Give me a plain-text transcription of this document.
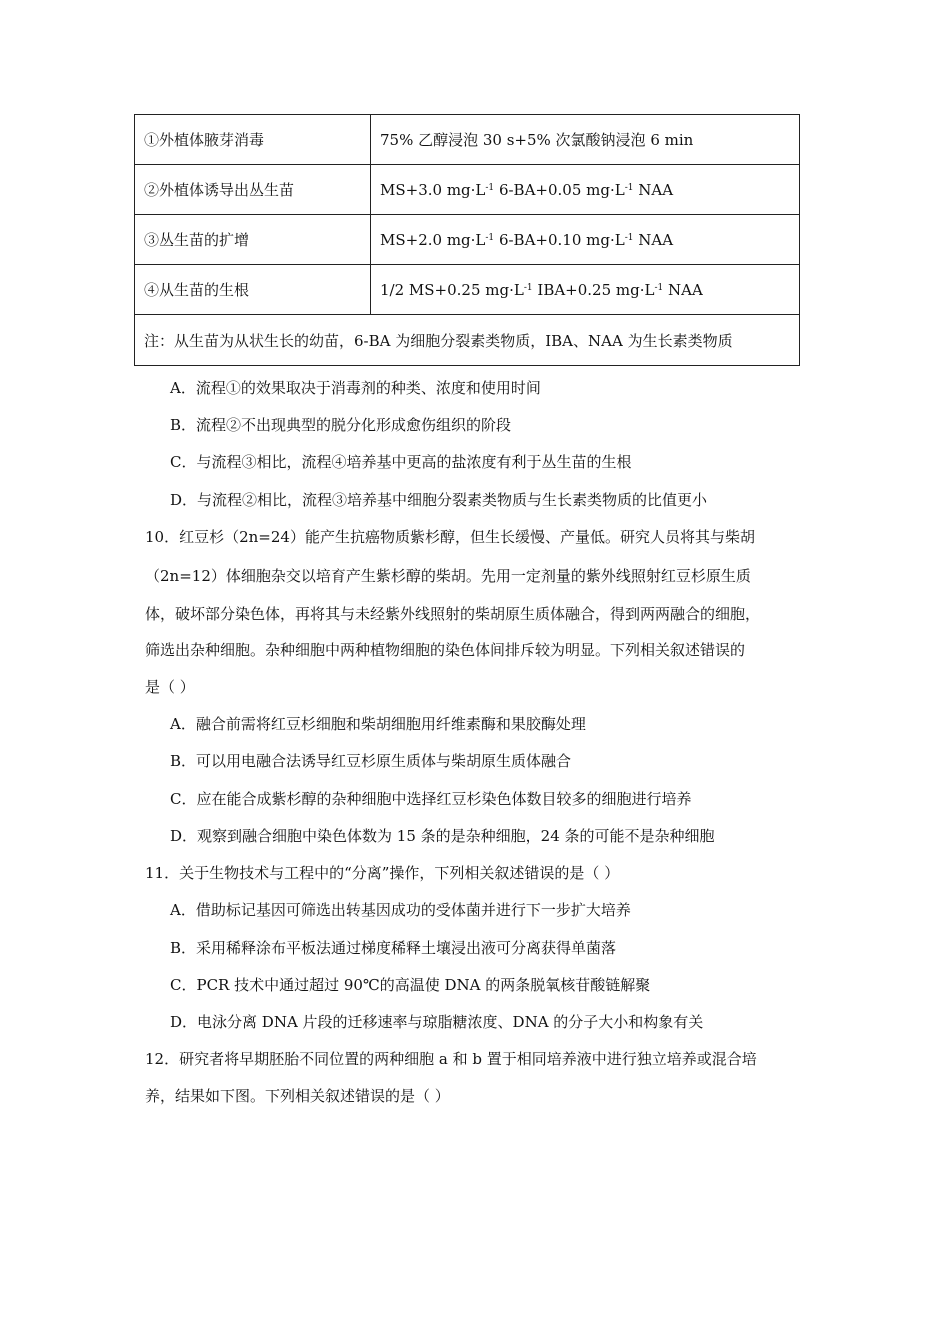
①外植体腋芽消毒	75% 乙醇浸泡 30 s+5% 次氯酸钠浸泡 6 min
②外植体诱导出丛生苗	MS+3.0 $mg\cdot L^{-1}$ 6-BA+0.05 $mg\cdot L^{-1}$ NAA
③丛生苗的扩增	MS+2.0 $mg\cdot L^{-1}$ 6-BA+0.10 $mg\cdot L^{-1}$ NAA
④从生苗的生根	1/2 MS+0.25 $mg\cdot L^{-1}$ IBA+0.25 $mg\cdot L^{-1}$ NAA
注：从生苗为从状生长的幼苗，6-BA 为细胞分裂素类物质，IBA、NAA 为生长素类物质	
A．流程①的效果取决于消毒剂的种类、浓度和使用时间
B．流程②不出现典型的脱分化形成愈伤组织的阶段
C．与流程③相比，流程④培养基中更高的盐浓度有利于丛生苗的生根
D．与流程②相比，流程③培养基中细胞分裂素类物质与生长素类物质的比值更小
10．红豆杉（2n=24）能产生抗癌物质紫杉醇，但生长缓慢、产量低。研究人员将其与柴胡
（2n=12）体细胞杂交以培育产生紫杉醇的柴胡。先用一定剂量的紫外线照射红豆杉原生质
体，破坏部分染色体，再将其与未经紫外线照射的柴胡原生质体融合，得到两两融合的细胞，
筛选出杂种细胞。杂种细胞中两种植物细胞的染色体间排斥较为明显。下列相关叙述错误的
是（ ）
A．融合前需将红豆杉细胞和柴胡细胞用纤维素酶和果胶酶处理
B．可以用电融合法诱导红豆杉原生质体与柴胡原生质体融合
C．应在能合成紫杉醇的杂种细胞中选择红豆杉染色体数目较多的细胞进行培养
D．观察到融合细胞中染色体数为 15 条的是杂种细胞，24 条的可能不是杂种细胞
11．关于生物技术与工程中的“分离”操作，下列相关叙述错误的是（ ）
A．借助标记基因可筛选出转基因成功的受体菌并进行下一步扩大培养
B．采用稀释涂布平板法通过梯度稀释土壤浸出液可分离获得单菌落
C．PCR 技术中通过超过 90℃的高温使 DNA 的两条脱氧核苷酸链解聚
D．电泳分离 DNA 片段的迁移速率与琼脂糖浓度、DNA 的分子大小和构象有关
12．研究者将早期胚胎不同位置的两种细胞 a 和 b 置于相同培养液中进行独立培养或混合培
养，结果如下图。下列相关叙述错误的是（ ）
